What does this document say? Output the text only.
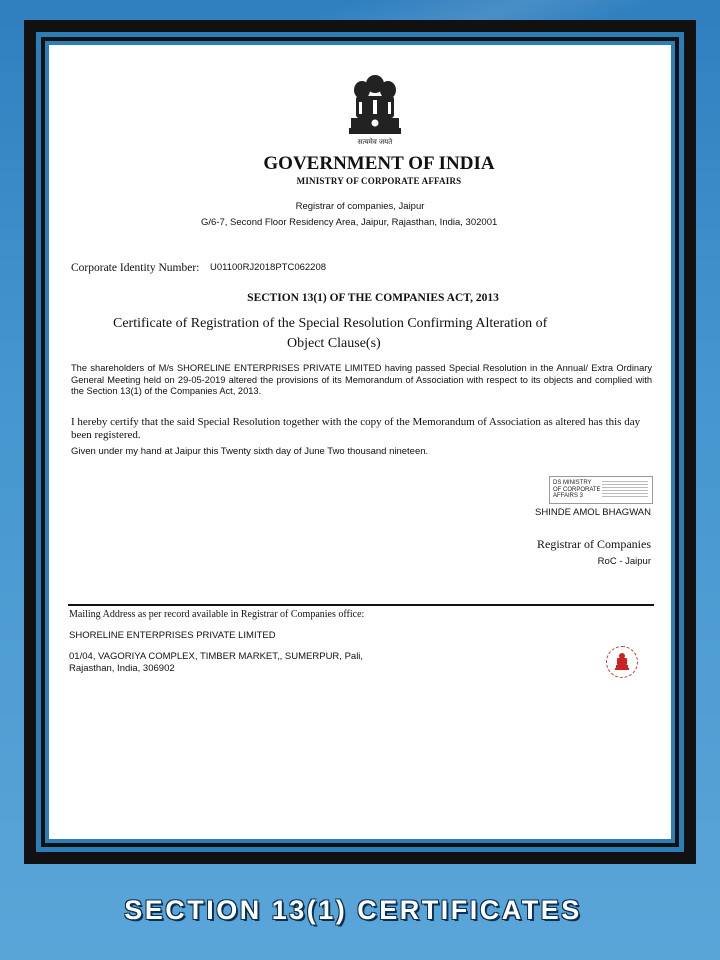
सत्यमेव जयते
GOVERNMENT OF INDIA
MINISTRY OF CORPORATE AFFAIRS
Registrar of companies, Jaipur
G/6-7, Second Floor Residency Area, Jaipur, Rajasthan, India, 302001
Corporate Identity Number: U01100RJ2018PTC062208
SECTION 13(1) OF THE COMPANIES ACT, 2013
Certificate of Registration of the Special Resolution Confirming Alteration of
Object Clause(s)
The shareholders of M/s SHORELINE ENTERPRISES PRIVATE LIMITED having passed Special Resolution in the Annual/ Extra Ordinary General Meeting held on 29-05-2019 altered the provisions of its Memorandum of Association with respect to its objects and complied with the Section 13(1) of the Companies Act, 2013.
I hereby certify that the said Special Resolution together with the copy of the Memorandum of Association as altered has this day been registered.
Given under my hand at Jaipur this Twenty sixth day of June Two thousand nineteen.
DS MINISTRY OF CORPORATE AFFAIRS 3
SHINDE AMOL BHAGWAN
Registrar of Companies
RoC - Jaipur
Mailing Address as per record available in Registrar of Companies office:
SHORELINE ENTERPRISES PRIVATE LIMITED
01/04, VAGORIYA COMPLEX, TIMBER MARKET,, SUMERPUR, Pali, Rajasthan, India, 306902
SECTION 13(1) CERTIFICATES
